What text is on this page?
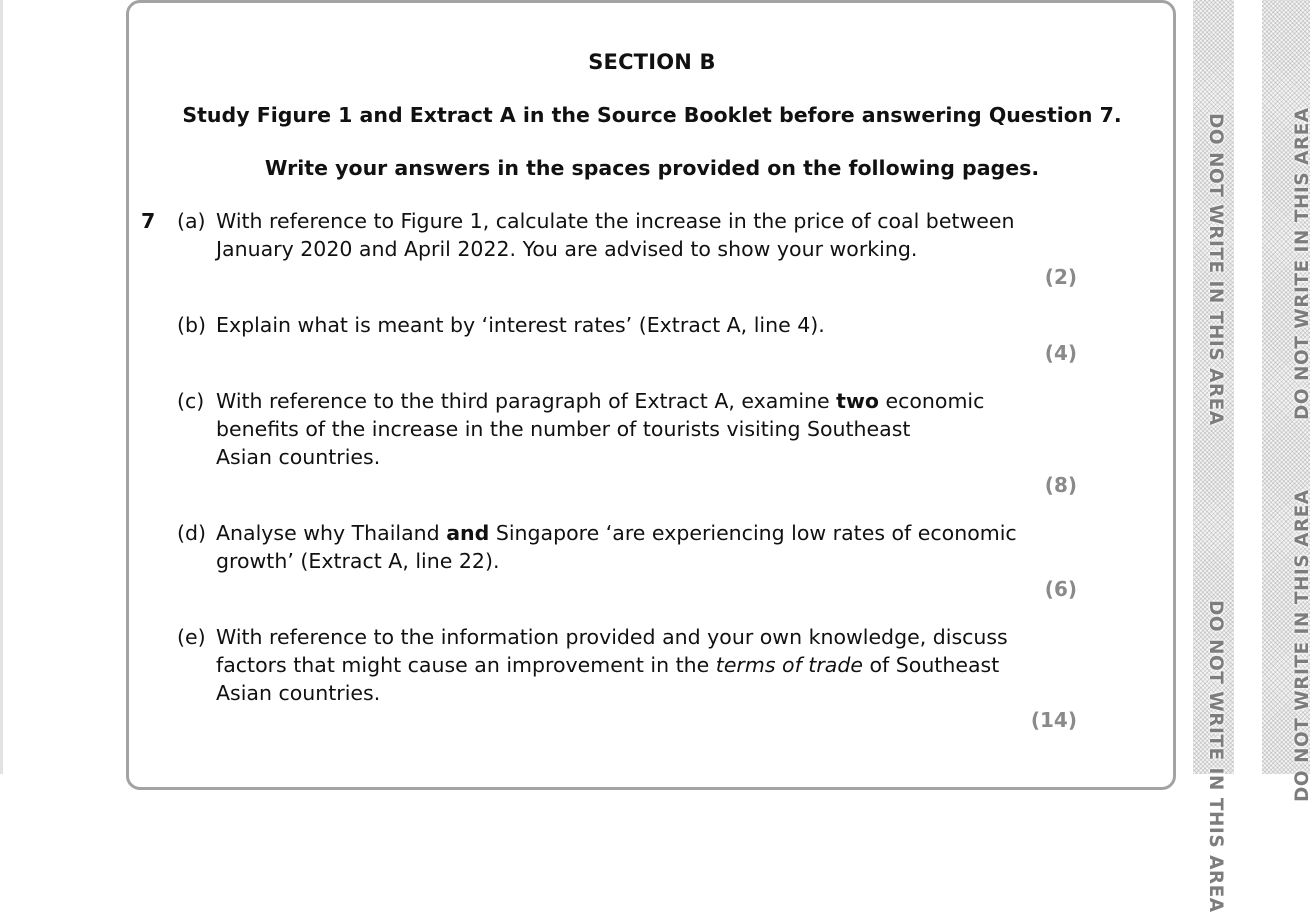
SECTION B
Study Figure 1 and Extract A in the Source Booklet before answering Question 7.
Write your answers in the spaces provided on the following pages.
7 (a) With reference to Figure 1, calculate the increase in the price of coal between
January 2020 and April 2022. You are advised to show your working.
(2)
(b) Explain what is meant by ‘interest rates’ (Extract A, line 4).
(4)
(c) With reference to the third paragraph of Extract A, examine two economic
benefits of the increase in the number of tourists visiting Southeast
Asian countries.
(8)
(d) Analyse why Thailand and Singapore ‘are experiencing low rates of economic
growth’ (Extract A, line 22).
(6)
(e) With reference to the information provided and your own knowledge, discuss
factors that might cause an improvement in the terms of trade of Southeast
Asian countries.
(14)
DO NOT WRITE IN THIS AREA
DO NOT WRITE IN THIS AREA
DO NOT WRITE IN THIS AREA
DO NOT WRITE IN THIS AREA
